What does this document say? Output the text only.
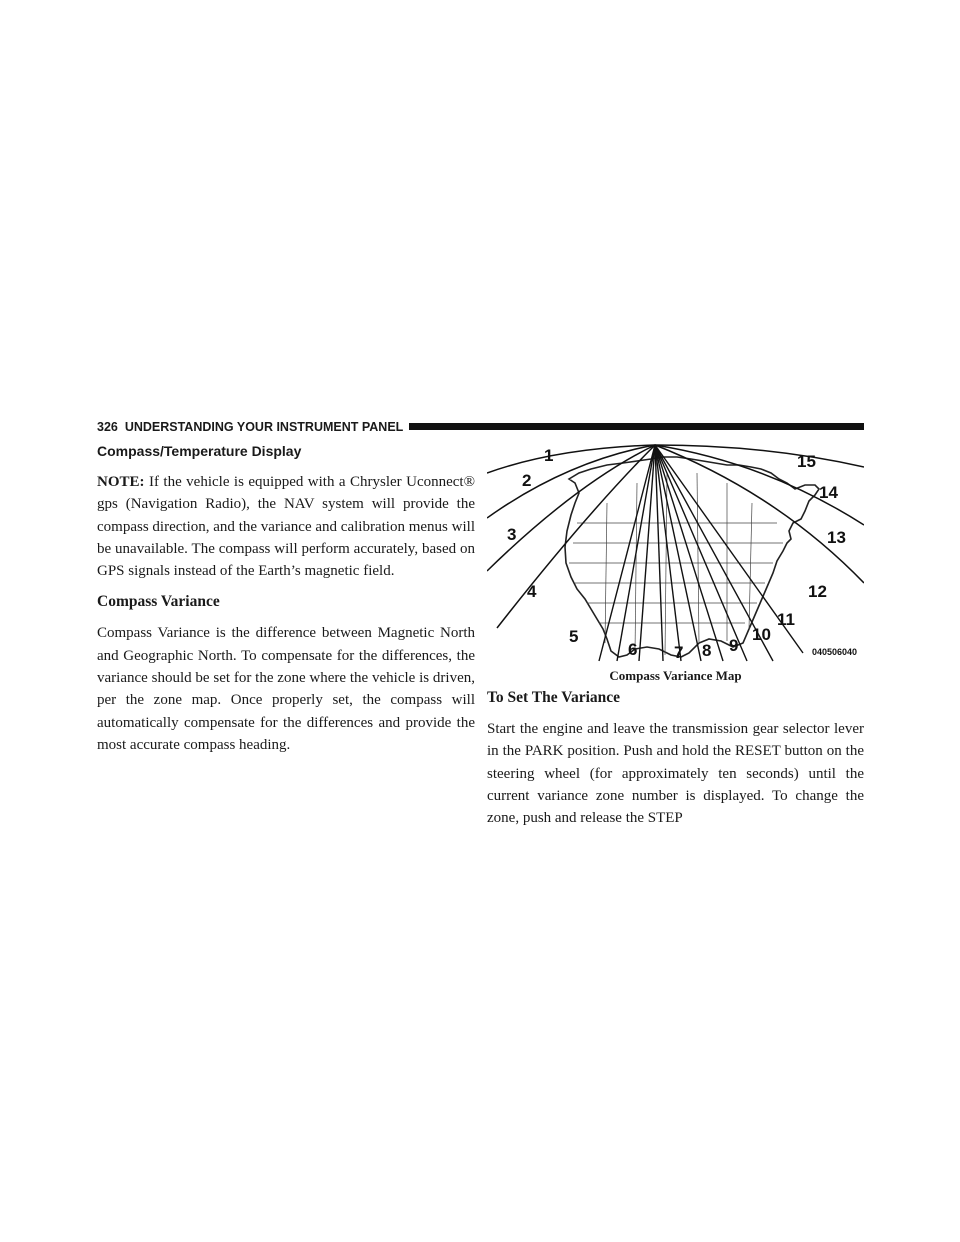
326 UNDERSTANDING YOUR INSTRUMENT PANEL
Compass/Temperature Display

NOTE: If the vehicle is equipped with a Chrysler Uconnect® gps (Navigation Radio), the NAV system will provide the compass direction, and the variance and calibration menus will be unavailable. The compass will perform accurately, based on GPS signals instead of the Earth’s magnetic field.

Compass Variance

Compass Variance is the difference between Magnetic North and Geographic North. To compensate for the differences, the variance should be set for the zone where the vehicle is driven, per the zone map. Once properly set, the compass will automatically compensate for the differences and provide the most accurate compass heading.

1
2
3
4
5
6 7 8 9
10
11
12
13
14
15
040506040
Compass Variance Map
To Set The Variance

Start the engine and leave the transmission gear selector lever in the PARK position. Push and hold the RESET button on the steering wheel (for approximately ten seconds) until the current variance zone number is displayed. To change the zone, push and release the STEP
